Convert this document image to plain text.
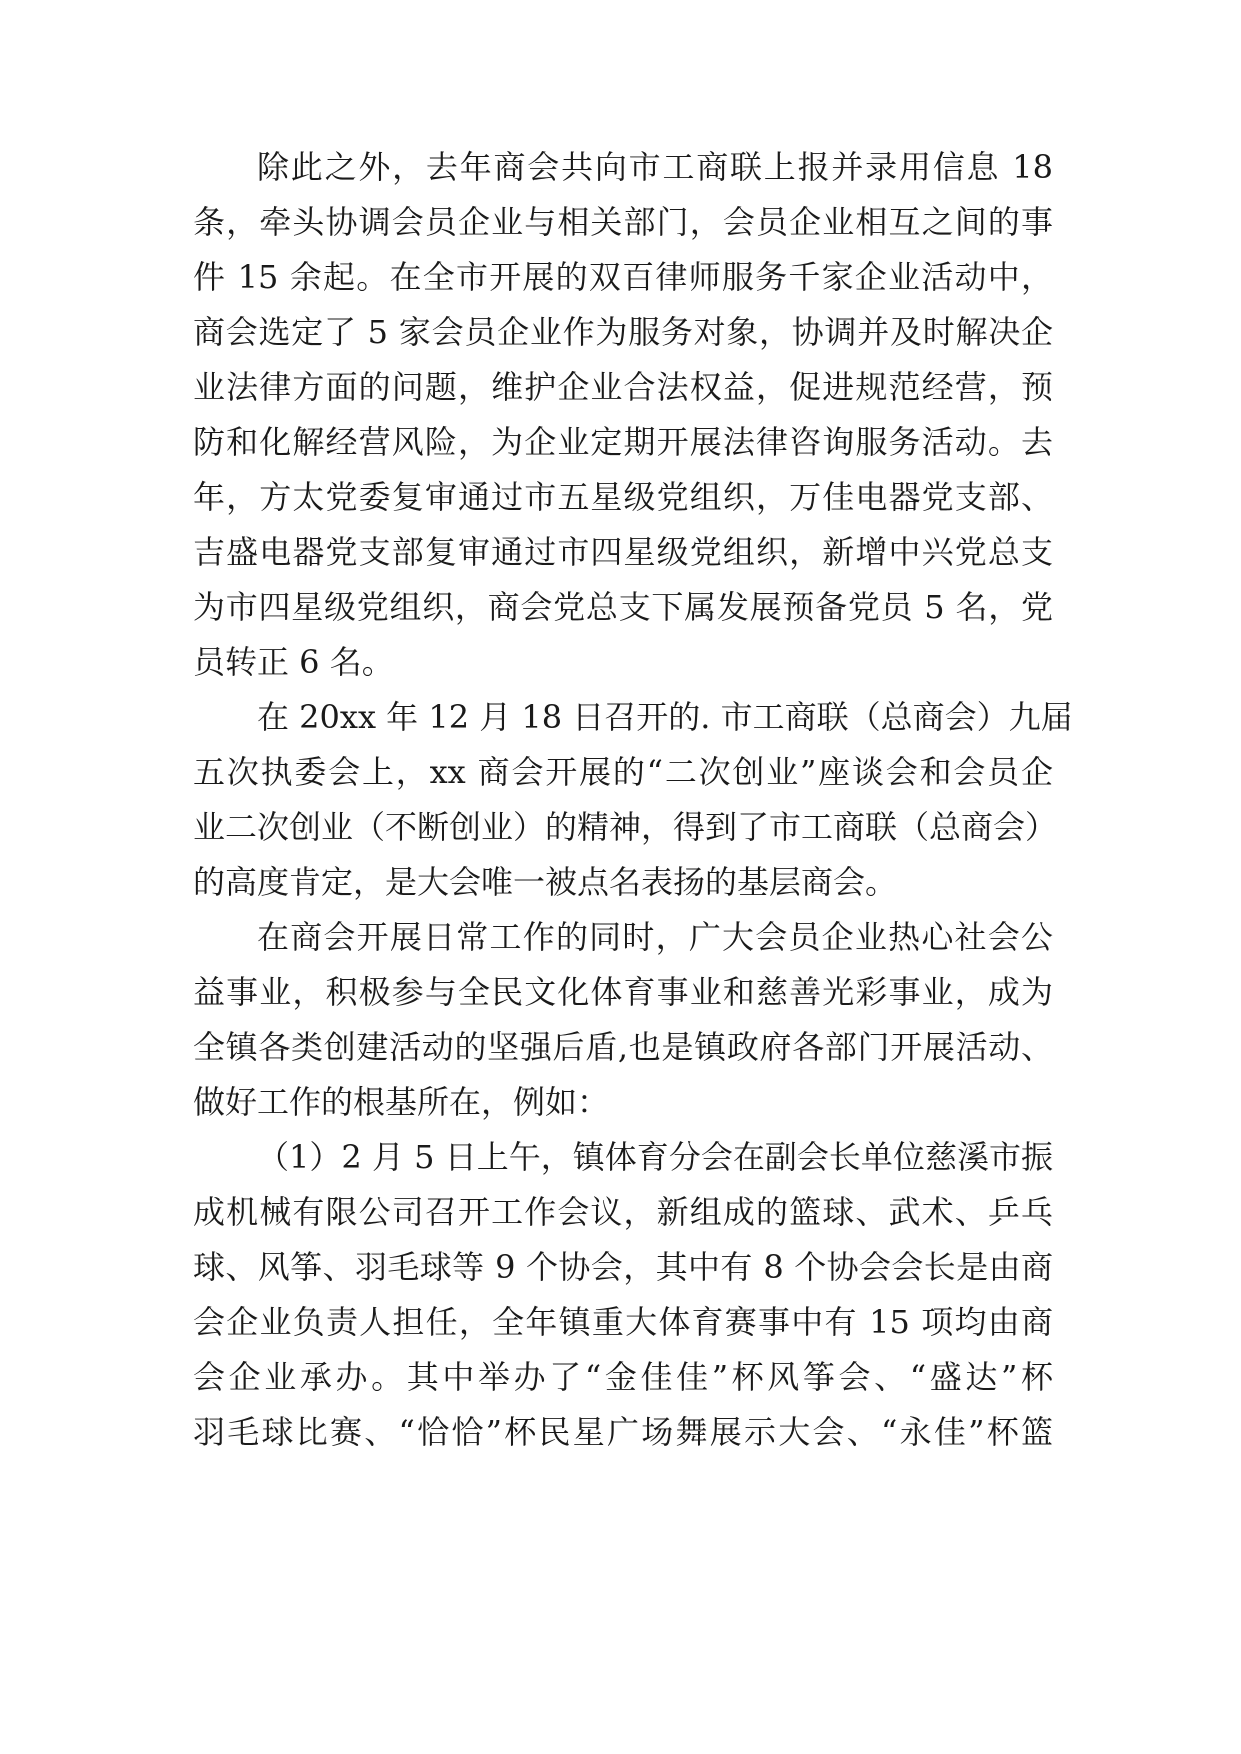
除此之外，去年商会共向市工商联上报并录用信息 18
条，牵头协调会员企业与相关部门，会员企业相互之间的事
件 15 余起。在全市开展的双百律师服务千家企业活动中，
商会选定了 5 家会员企业作为服务对象，协调并及时解决企
业法律方面的问题，维护企业合法权益，促进规范经营，预
防和化解经营风险，为企业定期开展法律咨询服务活动。去
年，方太党委复审通过市五星级党组织，万佳电器党支部、
吉盛电器党支部复审通过市四星级党组织，新增中兴党总支
为市四星级党组织，商会党总支下属发展预备党员 5 名，党
员转正 6 名。
在 20xx 年 12 月 18 日召开的. 市工商联（总商会）九届
五次执委会上，xx 商会开展的“二次创业”座谈会和会员企
业二次创业（不断创业）的精神，得到了市工商联（总商会）
的高度肯定，是大会唯一被点名表扬的基层商会。
在商会开展日常工作的同时，广大会员企业热心社会公
益事业，积极参与全民文化体育事业和慈善光彩事业，成为
全镇各类创建活动的坚强后盾,也是镇政府各部门开展活动、
做好工作的根基所在，例如：
（1）2 月 5 日上午，镇体育分会在副会长单位慈溪市振
成机械有限公司召开工作会议，新组成的篮球、武术、乒乓
球、风筝、羽毛球等 9 个协会，其中有 8 个协会会长是由商
会企业负责人担任，全年镇重大体育赛事中有 15 项均由商
会企业承办。其中举办了“金佳佳”杯风筝会、“盛达”杯
羽毛球比赛、“恰恰”杯民星广场舞展示大会、“永佳”杯篮
